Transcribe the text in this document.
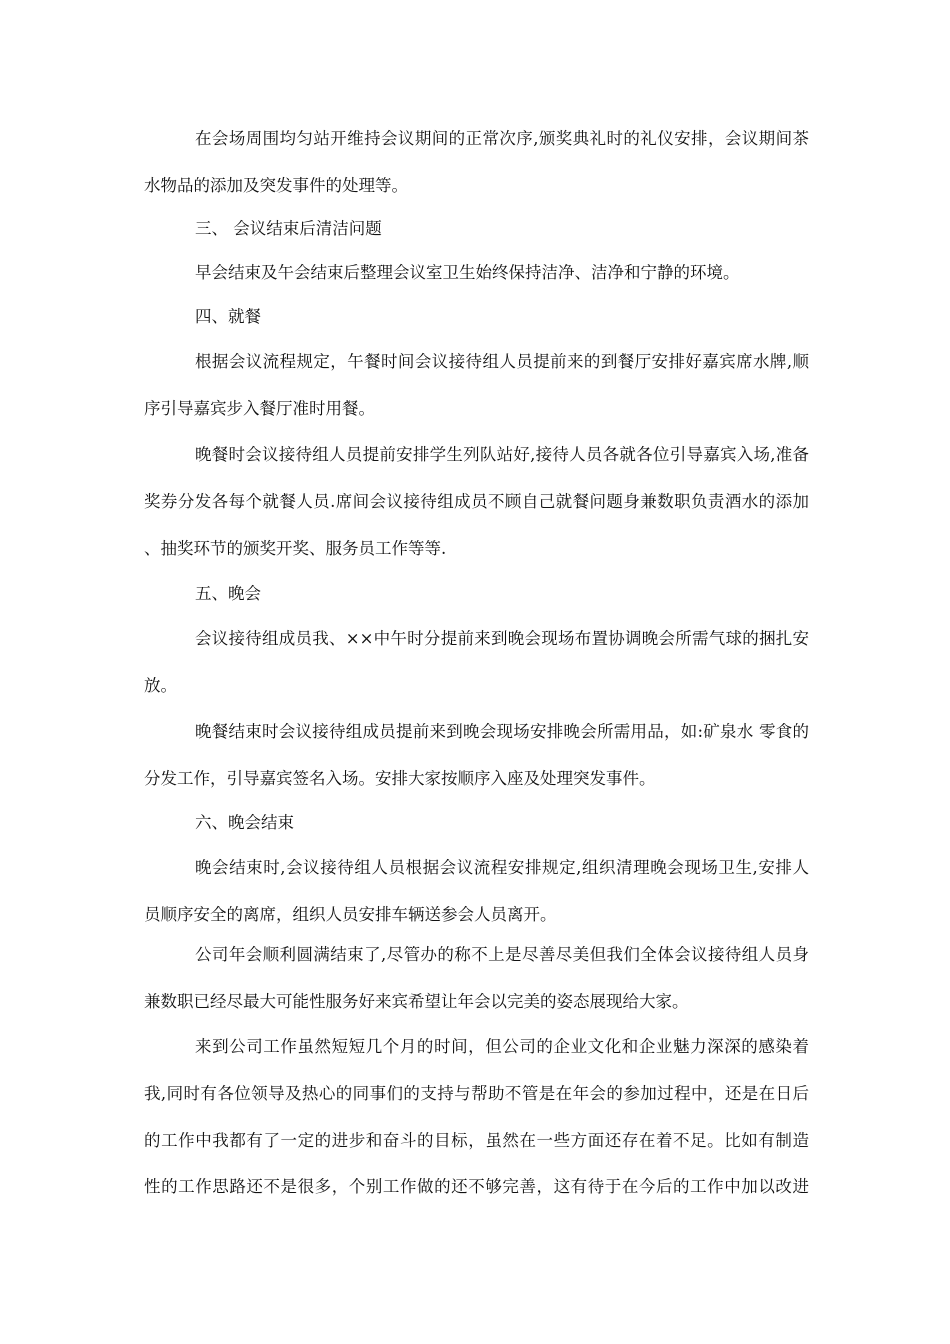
在会场周围均匀站开维持会议期间的正常次序,颁奖典礼时的礼仪安排，会议期间茶
水物品的添加及突发事件的处理等。
三、 会议结束后清洁问题
早会结束及午会结束后整理会议室卫生始终保持洁净、洁净和宁静的环境。
四、就餐
根据会议流程规定，午餐时间会议接待组人员提前来的到餐厅安排好嘉宾席水牌,顺
序引导嘉宾步入餐厅准时用餐。
晚餐时会议接待组人员提前安排学生列队站好,接待人员各就各位引导嘉宾入场,准备
奖券分发各每个就餐人员.席间会议接待组成员不顾自己就餐问题身兼数职负责酒水的添加
、抽奖环节的颁奖开奖、服务员工作等等.
五、晚会
会议接待组成员我、××中午时分提前来到晚会现场布置协调晚会所需气球的捆扎安
放。
晚餐结束时会议接待组成员提前来到晚会现场安排晚会所需用品，如:矿泉水 零食的
分发工作，引导嘉宾签名入场。安排大家按顺序入座及处理突发事件。
六、晚会结束
晚会结束时,会议接待组人员根据会议流程安排规定,组织清理晚会现场卫生,安排人
员顺序安全的离席，组织人员安排车辆送参会人员离开。
公司年会顺利圆满结束了,尽管办的称不上是尽善尽美但我们全体会议接待组人员身
兼数职已经尽最大可能性服务好来宾希望让年会以完美的姿态展现给大家。
来到公司工作虽然短短几个月的时间，但公司的企业文化和企业魅力深深的感染着
我,同时有各位领导及热心的同事们的支持与帮助不管是在年会的参加过程中，还是在日后
的工作中我都有了一定的进步和奋斗的目标，虽然在一些方面还存在着不足。比如有制造
性的工作思路还不是很多，个别工作做的还不够完善，这有待于在今后的工作中加以改进
